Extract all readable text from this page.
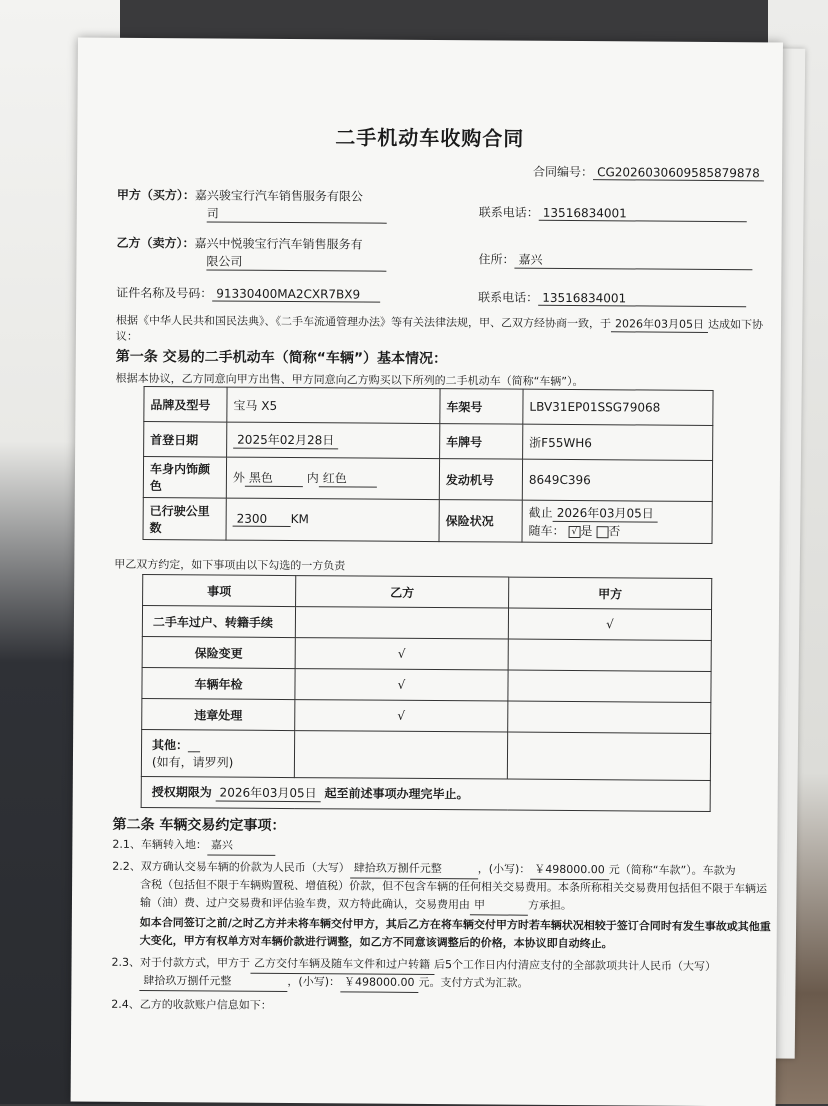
二手机动车收购合同
合同编号： CG2026030609585879878
甲方（买方）：嘉兴骏宝行汽车销售服务有限公
司	联系电话： 13516834001
乙方（卖方）：嘉兴中悦骏宝行汽车销售服务有
限公司	住所： 嘉兴
证件名称及号码： 91330400MA2CXR7BX9	联系电话： 13516834001
根据《中华人民共和国民法典》、《二手车流通管理办法》等有关法律法规，甲、乙双方经协商一致，于 2026年03月05日 达成如下协
议：
第一条 交易的二手机动车（简称“车辆”）基本情况：
根据本协议，乙方同意向甲方出售、甲方同意向乙方购买以下所列的二手机动车（简称“车辆”）。
品牌及型号	宝马 X5	车架号	LBV31EP01SSG79068
首登日期	2025年02月28日	车牌号	浙F55WH6
车身内饰颜色	外 黑色 内 红色	发动机号	8649C396
已行驶公里数	2300 KM	保险状况	截止 2026年03月05日
随车： √ 是 否
甲乙双方约定，如下事项由以下勾选的一方负责
事项	乙方	甲方
二手车过户、转籍手续		√
保险变更	√	
车辆年检	√	
违章处理	√	

其他：__
(如有，请罗列)		

授权期限为 2026年03月05日 起至前述事项办理完毕止。		
第二条 车辆交易约定事项：
2.1、车辆转入地： 嘉兴
2.2、双方确认交易车辆的价款为人民币（大写） 肆拾玖万捌仟元整	，(小写)： ￥498000.00 元（简称“车款”）。车款为
含税（包括但不限于车辆购置税、增值税）价款，但不包含车辆的任何相关交易费用。本条所称相关交易费用包括但不限于车辆运
输（油）费、过户交易费和评估验车费，双方特此确认，交易费用由 甲	方承担。
如本合同签订之前/之时乙方并未将车辆交付甲方，其后乙方在将车辆交付甲方时若车辆状况相较于签订合同时有发生事故或其他重
大变化，甲方有权单方对车辆价款进行调整，如乙方不同意该调整后的价格，本协议即自动终止。
2.3、对于付款方式，甲方于 乙方交付车辆及随车文件和过户转籍 后5个工作日内付清应支付的全部款项共计人民币（大写）
肆拾玖万捌仟元整	，(小写)： ￥498000.00 元。支付方式为汇款。
2.4、乙方的收款账户信息如下：
